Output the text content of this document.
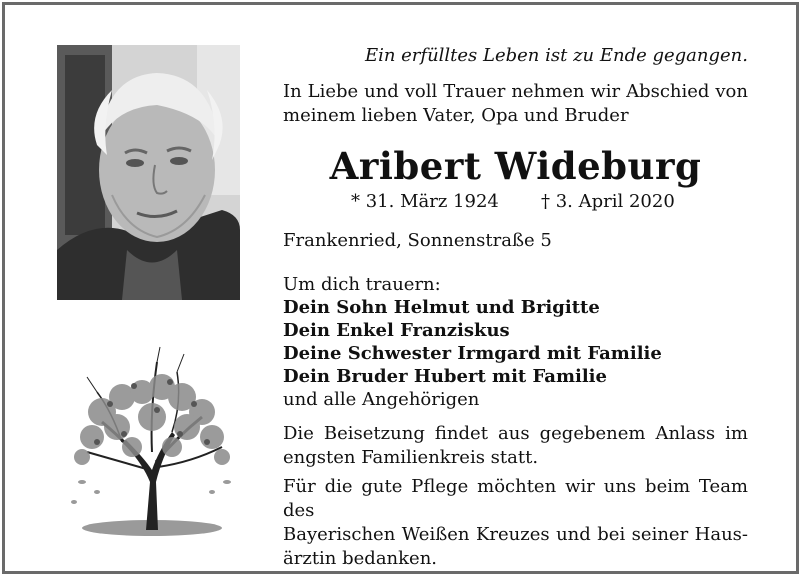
Ein erfülltes Leben ist zu Ende gegangen.
In Liebe und voll Trauer nehmen wir Abschied von
meinem lieben Vater, Opa und Bruder
Aribert Wideburg
* 31. März 1924 † 3. April 2020
Frankenried, Sonnenstraße 5
Um dich trauern:
Dein Sohn Helmut und Brigitte
Dein Enkel Franziskus
Deine Schwester Irmgard mit Familie
Dein Bruder Hubert mit Familie
und alle Angehörigen
Die Beisetzung findet aus gegebenem Anlass im
engsten Familienkreis statt.
Für die gute Pflege möchten wir uns beim Team des
Bayerischen Weißen Kreuzes und bei seiner Haus-
ärztin bedanken.
